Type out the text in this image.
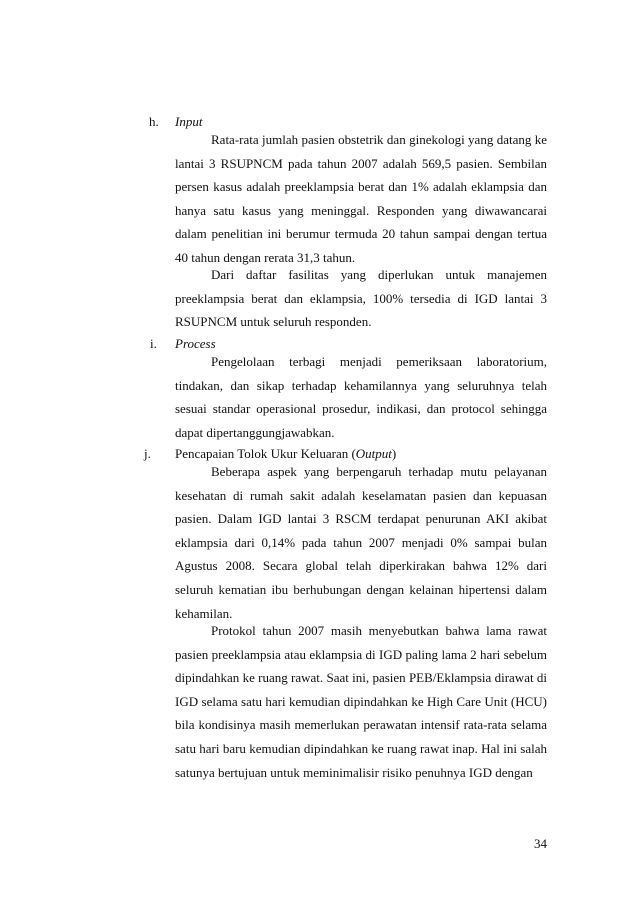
h. Input

Rata-rata jumlah pasien obstetrik dan ginekologi yang datang ke lantai 3 RSUPNCM pada tahun 2007 adalah 569,5 pasien. Sembilan persen kasus adalah preeklampsia berat dan 1% adalah eklampsia dan hanya satu kasus yang meninggal. Responden yang diwawancarai dalam penelitian ini berumur termuda 20 tahun sampai dengan tertua 40 tahun dengan rerata 31,3 tahun.

Dari daftar fasilitas yang diperlukan untuk manajemen preeklampsia berat dan eklampsia, 100% tersedia di IGD lantai 3 RSUPNCM untuk seluruh responden.

i. Process

Pengelolaan terbagi menjadi pemeriksaan laboratorium, tindakan, dan sikap terhadap kehamilannya yang seluruhnya telah sesuai standar operasional prosedur, indikasi, dan protocol sehingga dapat dipertanggungjawabkan.

j. Pencapaian Tolok Ukur Keluaran (Output)

Beberapa aspek yang berpengaruh terhadap mutu pelayanan kesehatan di rumah sakit adalah keselamatan pasien dan kepuasan pasien. Dalam IGD lantai 3 RSCM terdapat penurunan AKI akibat eklampsia dari 0,14% pada tahun 2007 menjadi 0% sampai bulan Agustus 2008. Secara global telah diperkirakan bahwa 12% dari seluruh kematian ibu berhubungan dengan kelainan hipertensi dalam kehamilan.

Protokol tahun 2007 masih menyebutkan bahwa lama rawat pasien preeklampsia atau eklampsia di IGD paling lama 2 hari sebelum dipindahkan ke ruang rawat. Saat ini, pasien PEB/Eklampsia dirawat di IGD selama satu hari kemudian dipindahkan ke High Care Unit (HCU) bila kondisinya masih memerlukan perawatan intensif rata-rata selama satu hari baru kemudian dipindahkan ke ruang rawat inap. Hal ini salah satunya bertujuan untuk meminimalisir risiko penuhnya IGD dengan

34
